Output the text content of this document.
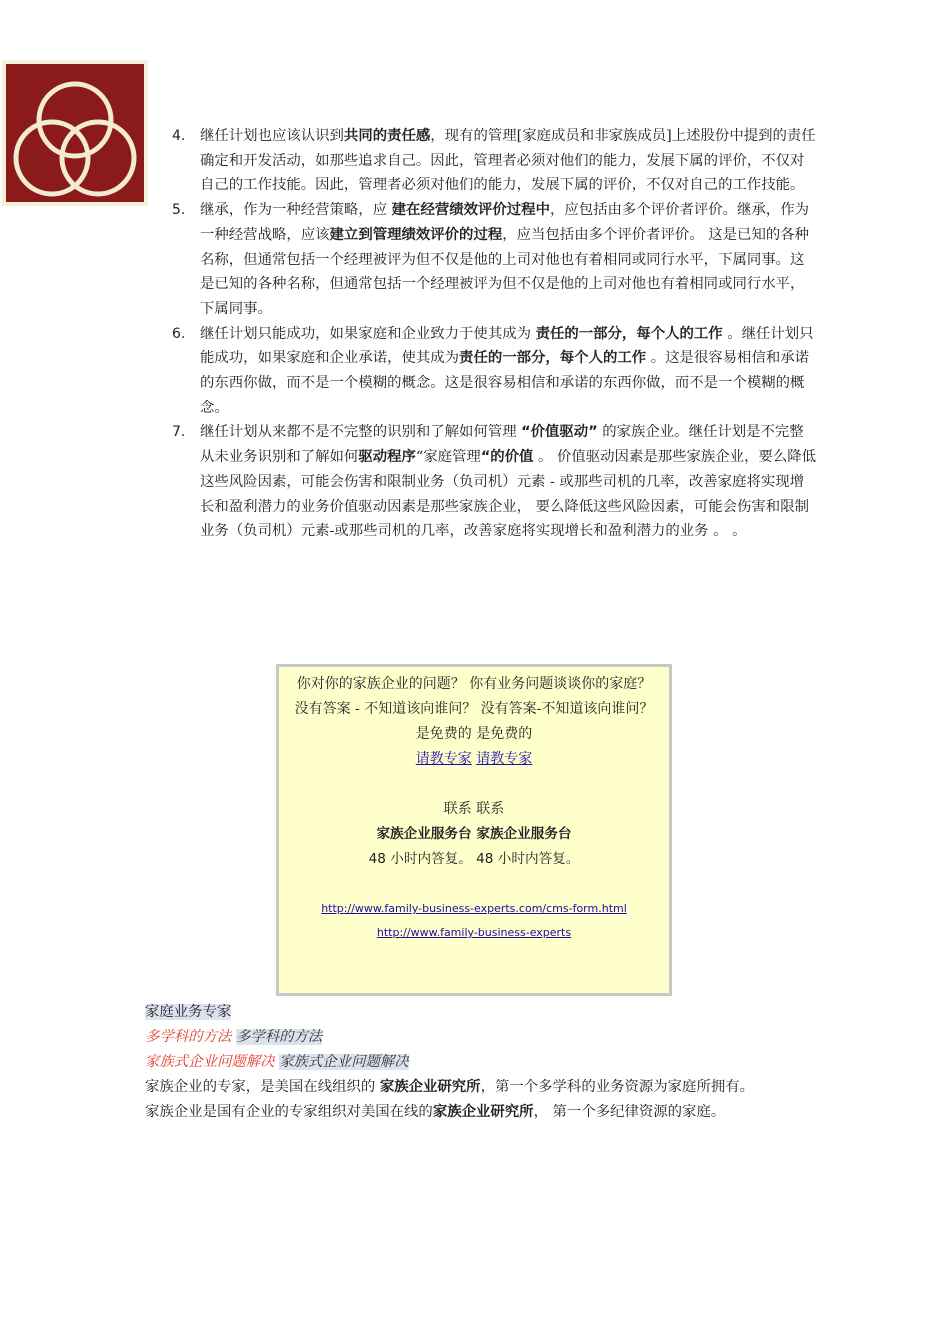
4. 继任计划也应该认识到共同的责任感，现有的管理[家庭成员和非家族成员]上述股份中提到的责任确定和开发活动，如那些追求自己。因此，管理者必须对他们的能力，发展下属的评价，不仅对自己的工作技能。因此，管理者必须对他们的能力，发展下属的评价，不仅对自己的工作技能。
5. 继承，作为一种经营策略，应 建在经营绩效评价过程中，应包括由多个评价者评价。继承，作为一种经营战略，应该建立到管理绩效评价的过程，应当包括由多个评价者评价。 这是已知的各种名称，但通常包括一个经理被评为但不仅是他的上司对他也有着相同或同行水平，下属同事。这是已知的各种名称，但通常包括一个经理被评为但不仅是他的上司对他也有着相同或同行水平， 下属同事。
6. 继任计划只能成功，如果家庭和企业致力于使其成为 责任的一部分，每个人的工作 。继任计划只能成功，如果家庭和企业承诺，使其成为责任的一部分，每个人的工作 。这是很容易相信和承诺的东西你做，而不是一个模糊的概念。这是很容易相信和承诺的东西你做，而不是一个模糊的概念。
7. 继任计划从来都不是不完整的识别和了解如何管理 “价值驱动” 的家族企业。继任计划是不完整从未业务识别和了解如何驱动程序“家庭管理“的价值 。 价值驱动因素是那些家族企业，要么降低这些风险因素，可能会伤害和限制业务（负司机）元素 - 或那些司机的几率，改善家庭将实现增长和盈利潜力的业务价值驱动因素是那些家族企业， 要么降低这些风险因素，可能会伤害和限制业务（负司机）元素-或那些司机的几率，改善家庭将实现增长和盈利潜力的业务 。 。

你对你的家族企业的问题？ 你有业务问题谈谈你的家庭？

没有答案 - 不知道该向谁问？ 没有答案-不知道该向谁问？

是免费的 是免费的

请教专家 请教专家

联系 联系

家族企业服务台 家族企业服务台

48 小时内答复。 48 小时内答复。

http://www.family-business-experts.com/cms-form.html

http://www.family-business-experts

家庭业务专家

多学科的方法 多学科的方法

家族式企业问题解决 家族式企业问题解决

家族企业的专家，是美国在线组织的 家族企业研究所，第一个多学科的业务资源为家庭所拥有。

家族企业是国有企业的专家组织对美国在线的家族企业研究所， 第一个多纪律资源的家庭。
